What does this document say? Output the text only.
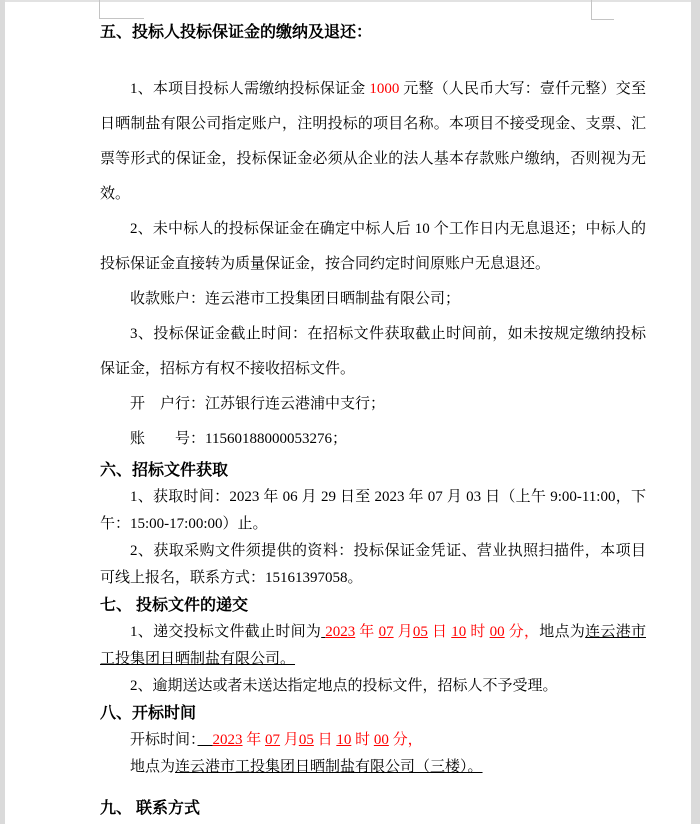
五、投标人投标保证金的缴纳及退还：

1、本项目投标人需缴纳投标保证金 1000 元整（人民币大写：壹仟元整）交至日晒制盐有限公司指定账户，注明投标的项目名称。本项目不接受现金、支票、汇票等形式的保证金，投标保证金必须从企业的法人基本存款账户缴纳，否则视为无效。

2、未中标人的投标保证金在确定中标人后 10 个工作日内无息退还；中标人的投标保证金直接转为质量保证金，按合同约定时间原账户无息退还。

收款账户：连云港市工投集团日晒制盐有限公司；

3、投标保证金截止时间：在招标文件获取截止时间前，如未按规定缴纳投标保证金，招标方有权不接收招标文件。

开　户行：江苏银行连云港浦中支行；

账　　号：11560188000053276；

六、招标文件获取

1、获取时间：2023 年 06 月 29 日至 2023 年 07 月 03 日（上午 9:00-11:00，下午：15:00-17:00:00）止。

2、获取采购文件须提供的资料：投标保证金凭证、营业执照扫描件，本项目可线上报名，联系方式：15161397058。

七、 投标文件的递交

1、递交投标文件截止时间为 2023 年 07 月05 日 10 时 00 分，地点为连云港市工投集团日晒制盐有限公司。

2、逾期送达或者未送达指定地点的投标文件，招标人不予受理。

八、开标时间

开标时间：　 2023 年 07 月05 日 10 时 00 分，

地点为连云港市工投集团日晒制盐有限公司（三楼）。

九、 联系方式
